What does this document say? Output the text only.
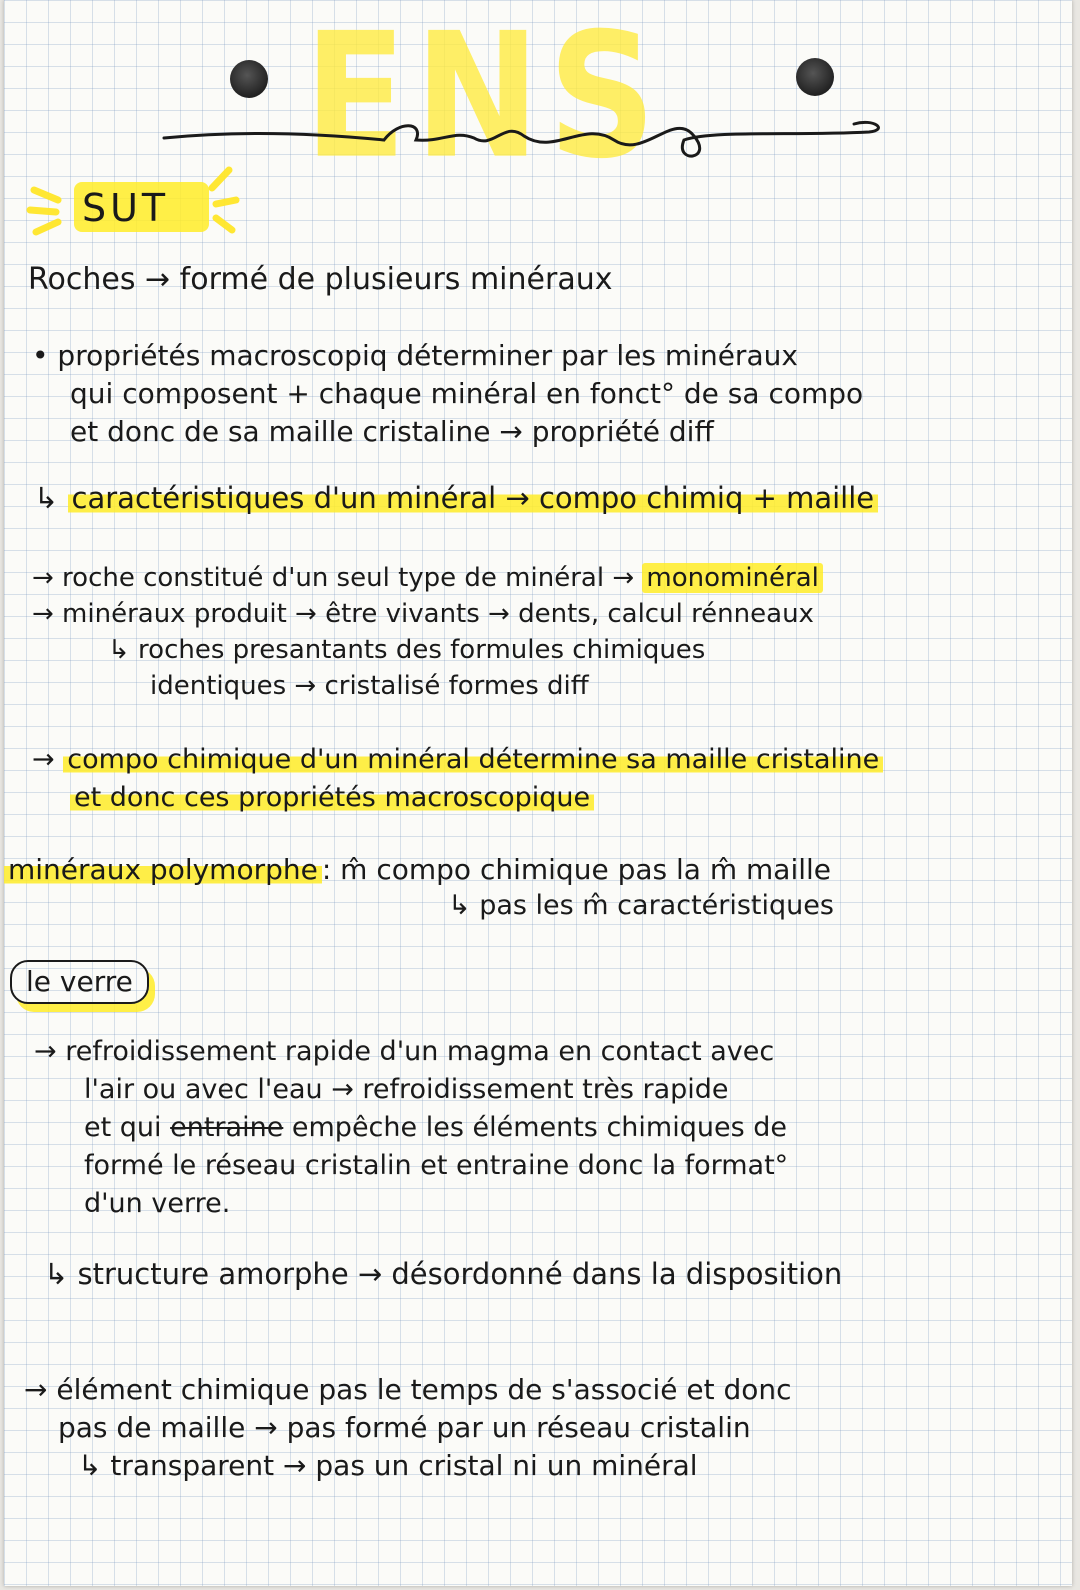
ENS
SUT
Roches → formé de plusieurs minéraux
• propriétés macroscopiq déterminer par les minéraux
qui composent + chaque minéral en fonct° de sa compo
et donc de sa maille cristaline → propriété diff
↳ caractéristiques d'un minéral → compo chimiq + maille
→ roche constitué d'un seul type de minéral → monominéral
→ minéraux produit → être vivants → dents, calcul rénneaux
↳ roches presantants des formules chimiques
identiques → cristalisé formes diff
→ compo chimique d'un minéral détermine sa maille cristaline
et donc ces propriétés macroscopique
minéraux polymorphe : m̂ compo chimique pas la m̂ maille
↳ pas les m̂ caractéristiques
le verre
→ refroidissement rapide d'un magma en contact avec
l'air ou avec l'eau → refroidissement très rapide
et qui entraine empêche les éléments chimiques de
formé le réseau cristalin et entraine donc la format°
d'un verre.
↳ structure amorphe → désordonné dans la disposition
→ élément chimique pas le temps de s'associé et donc
pas de maille → pas formé par un réseau cristalin
↳ transparent → pas un cristal ni un minéral
